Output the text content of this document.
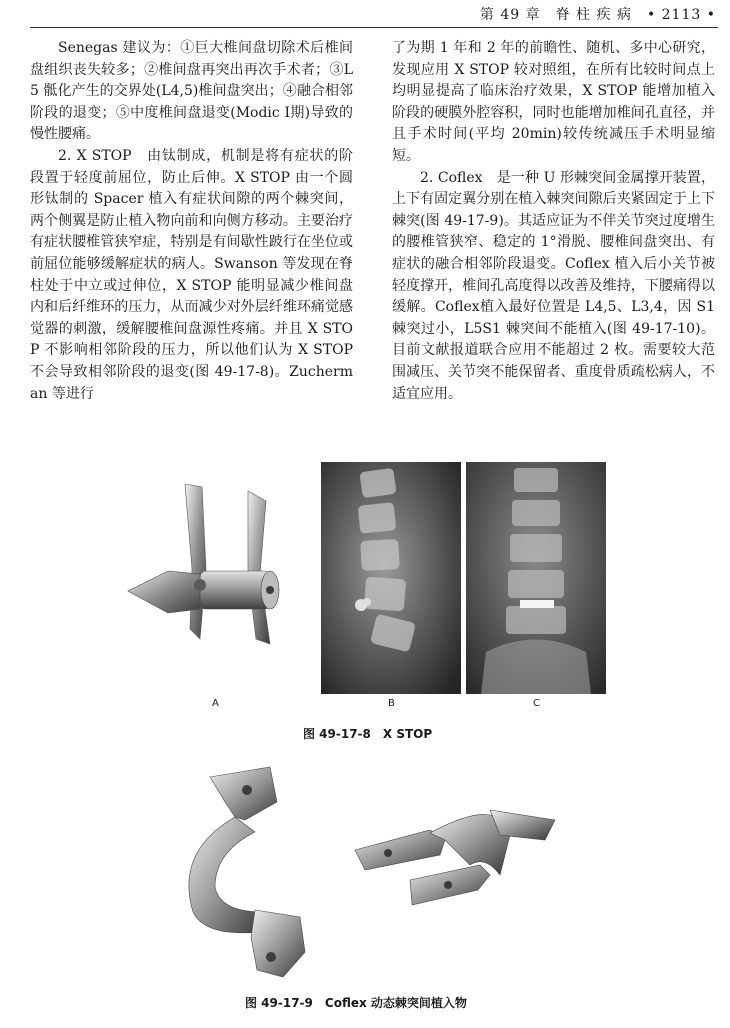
第 49 章　脊 柱 疾 病　• 2113 •

Senegas 建议为：①巨大椎间盘切除术后椎间盘组织丧失较多；②椎间盘再突出再次手术者；③L5 骶化产生的交界处(L4,5)椎间盘突出；④融合相邻阶段的退变；⑤中度椎间盘退变(Modic Ⅰ期)导致的慢性腰痛。

2. X STOP　由钛制成，机制是将有症状的阶段置于轻度前屈位，防止后伸。X STOP 由一个圆形钛制的 Spacer 植入有症状间隙的两个棘突间，两个侧翼是防止植入物向前和向侧方移动。主要治疗有症状腰椎管狭窄症，特别是有间歇性跛行在坐位或前屈位能够缓解症状的病人。Swanson 等发现在脊柱处于中立或过伸位，X STOP 能明显减少椎间盘内和后纤维环的压力，从而减少对外层纤维环痛觉感觉器的刺激，缓解腰椎间盘源性疼痛。并且 X STOP 不影响相邻阶段的压力，所以他们认为 X STOP 不会导致相邻阶段的退变(图 49-17-8)。Zucherman 等进行

了为期 1 年和 2 年的前瞻性、随机、多中心研究，发现应用 X STOP 较对照组，在所有比较时间点上均明显提高了临床治疗效果，X STOP 能增加植入阶段的硬膜外腔容积，同时也能增加椎间孔直径，并且手术时间(平均 20min)较传统减压手术明显缩短。

2. Coflex　是一种 U 形棘突间金属撑开装置，上下有固定翼分别在植入棘突间隙后夹紧固定于上下棘突(图 49-17-9)。其适应证为不伴关节突过度增生的腰椎管狭窄、稳定的 1°滑脱、腰椎间盘突出、有症状的融合相邻阶段退变。Coflex 植入后小关节被轻度撑开，椎间孔高度得以改善及维持，下腰痛得以缓解。Coflex植入最好位置是 L4,5、L3,4，因 S1 棘突过小，L5S1 棘突间不能植入(图 49-17-10)。目前文献报道联合应用不能超过 2 枚。需要较大范围减压、关节突不能保留者、重度骨质疏松病人，不适宜应用。

A	B	C
图 49-17-8　X STOP
图 49-17-9　Coflex 动态棘突间植入物
